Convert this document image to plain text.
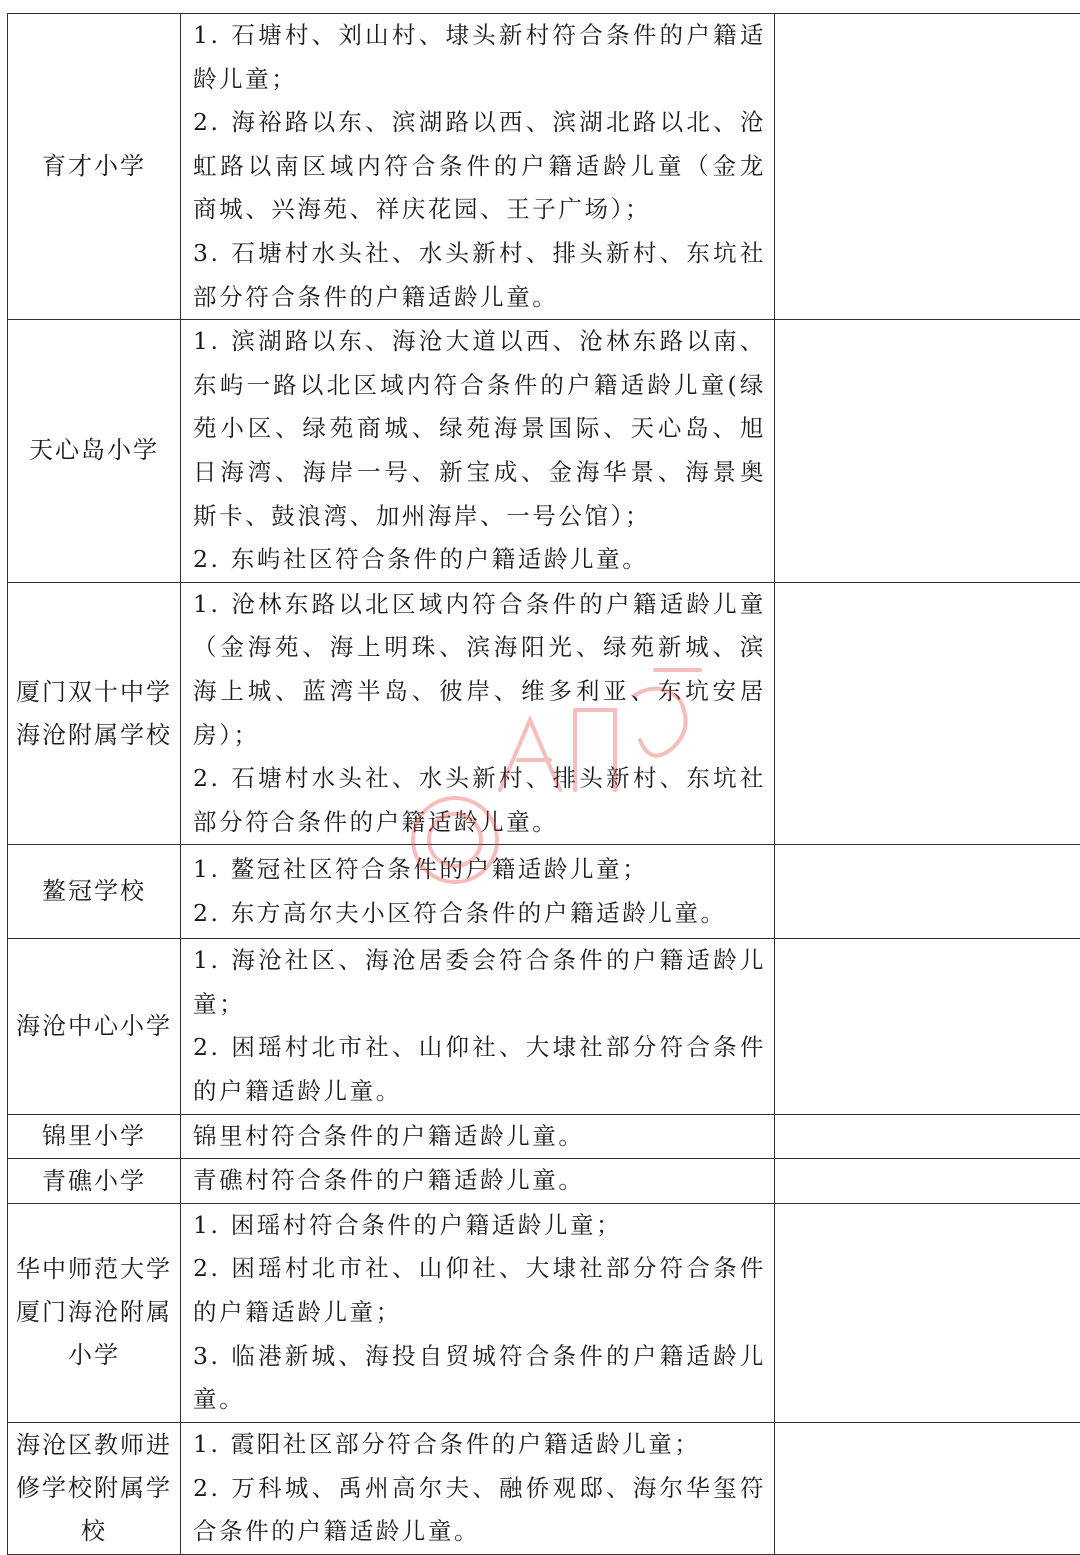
育才小学	1. 石塘村、刘山村、埭头新村符合条件的户籍适龄儿童；
2. 海裕路以东、滨湖路以西、滨湖北路以北、沧虹路以南区域内符合条件的户籍适龄儿童（金龙商城、兴海苑、祥庆花园、王子广场）；
3. 石塘村水头社、水头新村、排头新村、东坑社部分符合条件的户籍适龄儿童。	

天心岛小学	1. 滨湖路以东、海沧大道以西、沧林东路以南、东屿一路以北区域内符合条件的户籍适龄儿童(绿苑小区、绿苑商城、绿苑海景国际、天心岛、旭日海湾、海岸一号、新宝成、金海华景、海景奥斯卡、鼓浪湾、加州海岸、一号公馆）；
2. 东屿社区符合条件的户籍适龄儿童。	

厦门双十中学海沧附属学校	1. 沧林东路以北区域内符合条件的户籍适龄儿童（金海苑、海上明珠、滨海阳光、绿苑新城、滨海上城、蓝湾半岛、彼岸、维多利亚、东坑安居房）；
2. 石塘村水头社、水头新村、排头新村、东坑社部分符合条件的户籍适龄儿童。	

鳌冠学校	1. 鳌冠社区符合条件的户籍适龄儿童；
2. 东方高尔夫小区符合条件的户籍适龄儿童。	

海沧中心小学	1. 海沧社区、海沧居委会符合条件的户籍适龄儿童；
2. 困瑶村北市社、山仰社、大埭社部分符合条件的户籍适龄儿童。	

锦里小学	锦里村符合条件的户籍适龄儿童。	

青礁小学	青礁村符合条件的户籍适龄儿童。	

华中师范大学厦门海沧附属小学	1. 困瑶村符合条件的户籍适龄儿童；
2. 困瑶村北市社、山仰社、大埭社部分符合条件的户籍适龄儿童；
3. 临港新城、海投自贸城符合条件的户籍适龄儿童。	

海沧区教师进修学校附属学校	1. 霞阳社区部分符合条件的户籍适龄儿童；
2. 万科城、禹州高尔夫、融侨观邸、海尔华玺符合条件的户籍适龄儿童。	
